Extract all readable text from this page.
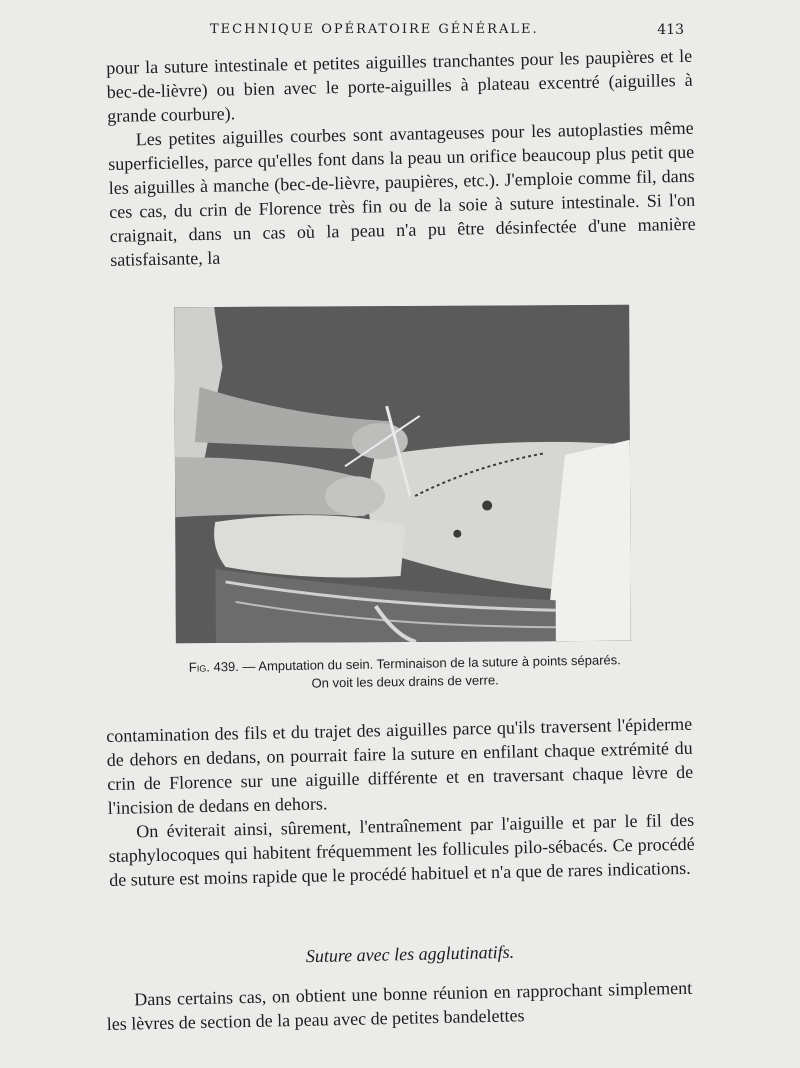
TECHNIQUE OPÉRATOIRE GÉNÉRALE.	413

pour la suture intestinale et petites aiguilles tranchantes pour les paupières et le bec-de-lièvre) ou bien avec le porte-aiguilles à plateau excentré (aiguilles à grande courbure).

Les petites aiguilles courbes sont avantageuses pour les autoplasties même superficielles, parce qu'elles font dans la peau un orifice beaucoup plus petit que les aiguilles à manche (bec-de-lièvre, paupières, etc.). J'emploie comme fil, dans ces cas, du crin de Florence très fin ou de la soie à suture intestinale. Si l'on craignait, dans un cas où la peau n'a pu être désinfectée d'une manière satisfaisante, la

Fig. 439. — Amputation du sein. Terminaison de la suture à points séparés.
On voit les deux drains de verre.

contamination des fils et du trajet des aiguilles parce qu'ils traversent l'épiderme de dehors en dedans, on pourrait faire la suture en enfilant chaque extrémité du crin de Florence sur une aiguille différente et en traversant chaque lèvre de l'incision de dedans en dehors.

On éviterait ainsi, sûrement, l'entraînement par l'aiguille et par le fil des staphylocoques qui habitent fréquemment les follicules pilo-sébacés. Ce procédé de suture est moins rapide que le procédé habituel et n'a que de rares indications.

Suture avec les agglutinatifs.

Dans certains cas, on obtient une bonne réunion en rapprochant simplement les lèvres de section de la peau avec de petites bandelettes
